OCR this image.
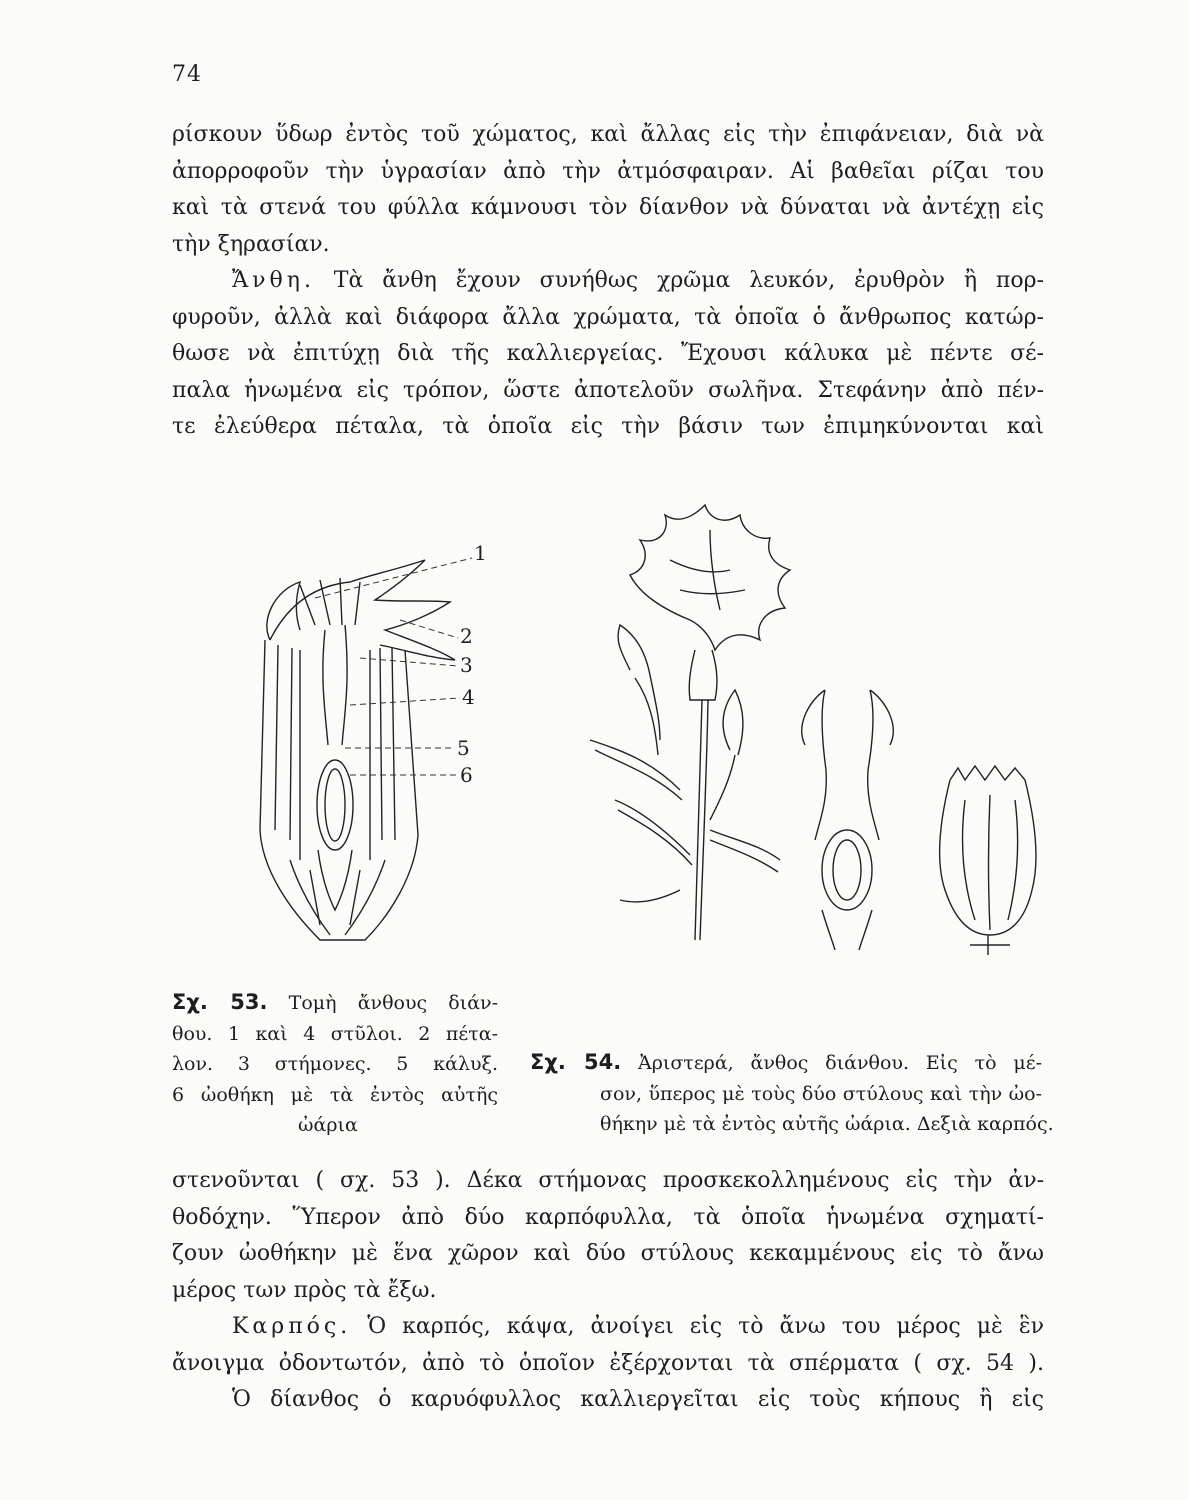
74
ρίσκουν ὕδωρ ἐντὸς τοῦ χώματος, καὶ ἄλλας εἰς τὴν ἐπιφάνειαν, διὰ νὰ
ἀπορροφοῦν τὴν ὑγρασίαν ἀπὸ τὴν ἀτμόσφαιραν. Αἱ βαθεῖαι ρίζαι του
καὶ τὰ στενά του φύλλα κάμνουσι τὸν δίανθον νὰ δύναται νὰ ἀντέχῃ εἰς
τὴν ξηρασίαν.
Ἄνθη. Τὰ ἄνθη ἔχουν συνήθως χρῶμα λευκόν, ἐρυθρὸν ἢ πορ-
φυροῦν, ἀλλὰ καὶ διάφορα ἄλλα χρώματα, τὰ ὁποῖα ὁ ἄνθρωπος κατώρ-
θωσε νὰ ἐπιτύχῃ διὰ τῆς καλλιεργείας. Ἔχουσι κάλυκα μὲ πέντε σέ-
παλα ἡνωμένα εἰς τρόπον, ὥστε ἀποτελοῦν σωλῆνα. Στεφάνην ἀπὸ πέν-
τε ἐλεύθερα πέταλα, τὰ ὁποῖα εἰς τὴν βάσιν των ἐπιμηκύνονται καὶ
1
2
3
4
5
6
Σχ. 53. Τομὴ ἄνθους διάν-
θου. 1 καὶ 4 στῦλοι. 2 πέτα-
λον. 3 στήμονες. 5 κάλυξ.
6 ὠοθήκη μὲ τὰ ἐντὸς αὐτῆς
ὠάρια
Σχ. 54. Ἀριστερά, ἄνθος διάνθου. Εἰς τὸ μέ-
σον, ὕπερος μὲ τοὺς δύο στύλους καὶ τὴν ὠο-
θήκην μὲ τὰ ἐντὸς αὐτῆς ὠάρια. Δεξιὰ καρπός.
στενοῦνται ( σχ. 53 ). Δέκα στήμονας προσκεκολλημένους εἰς τὴν ἀν-
θοδόχην. Ὕπερον ἀπὸ δύο καρπόφυλλα, τὰ ὁποῖα ἡνωμένα σχηματί-
ζουν ὠοθήκην μὲ ἕνα χῶρον καὶ δύο στύλους κεκαμμένους εἰς τὸ ἄνω
μέρος των πρὸς τὰ ἔξω.
Καρπός. Ὁ καρπός, κάψα, ἀνοίγει εἰς τὸ ἄνω του μέρος μὲ ἓν
ἄνοιγμα ὀδοντωτόν, ἀπὸ τὸ ὁποῖον ἐξέρχονται τὰ σπέρματα ( σχ. 54 ).
Ὁ δίανθος ὁ καρυόφυλλος καλλιεργεῖται εἰς τοὺς κήπους ἢ εἰς
